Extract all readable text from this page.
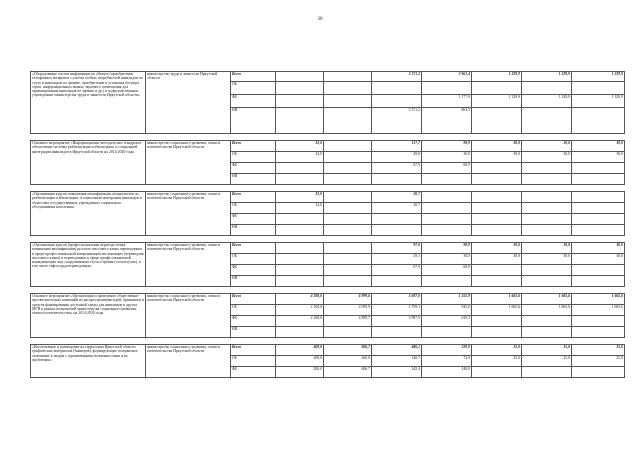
30
«Оборудование систем информации на объекте (приобретение телефонных аппаратов с учетом особых потребностей инвалидов по слуху и инвалидов по зрению, приобретение и установка бегущих строк, информационных знаков, звукового оповещения для ориентирования инвалидов по зрению и др.) в подведомственных учреждениях министерства труда и занятости Иркутской области»	министерство труда и занятости Иркутской области	Всего			3 371,2	2 061,4	1 329,9	1 329,9	1 329,9
		ОБ							
		ФБ				1 177,9	1 329,9	1 329,9	1 329,9
		НИ			3 371,2	863,5			

Основное мероприятие «Информационно-методическое и кадровое обеспечение системы реабилитации и абилитации, и социальной интеграции инвалидов в Иркутской области на 2014-2020 годы	министерство социального развития, опеки и попечительства Иркутской области	Всего	32,0		117,7	98,9	30,0	30,0	30,0
		ОБ	32,0		49,8	30,0	30,0	30,0	30,0
		ФБ			67,9	68,9			
		НИ							

«Организация курсов повышения квалификации специалистов по реабилитации и абилитации, и социальной интеграции инвалидов в областных государственных учреждениях социального обслуживания населения»	министерство социального развития, опеки и попечительства Иркутской области	Всего	32,0		20,7				
		ОБ	32,0		20,7				
		ФБ							
		НИ							

«Организация курсов (профессиональная переподготовка, повышение квалификации) русского жестового языка переводчиков в сфере профессиональной коммуникации неслышащих (переводчик жестового языка) и переводчиков в сфере профессиональной коммуникации лиц с нарушениями слуха и зрения (слепоглухих), в том числе тифлосурдопереводчиков»	министерство социального развития, опеки и попечительства Иркутской области	Всего			97,0	98,9	30,0	30,0	30,0
		ОБ			29,1	30,0	30,0	30,0	30,0
		ФБ			67,9	68,9			
		НИ							

Основное мероприятие «Организация и проведение общественно-просветительских кампаний по распространению идей, принципов и средств формирования доступной среды для инвалидов и других МГН в рамках полномочий министерства социального развития, опеки и попечительства» на 2014-2020 годы	министерство социального развития, опеки и попечительства Иркутской области	Всего	4 208,0	6 999,6	5 697,0	1 555,9	1 665,6	1 665,6	1 665,6
		ОБ	2 100,0	2 099,9	1 709,1	945,6	1 665,6	1 665,6	1 665,6
		ФБ	2 108,0	4 899,7	3 987,9	610,3			
		НИ							

«Изготовление и размещение на территории Иркутской области графических материалов (баннеров), формирующих толерантное отношение к людям с ограниченными возможностями и их проблемам»	министерство социального развития, опеки и попечительства Иркутской области	Всего	408,0	866,7	486,1	220,9	25,0	25,0	25,0
		ОБ	208,0	260,0	140,7	72,9	25,0	25,0	25,0
		ФБ	200,0	606,7	345,4	148,0			
